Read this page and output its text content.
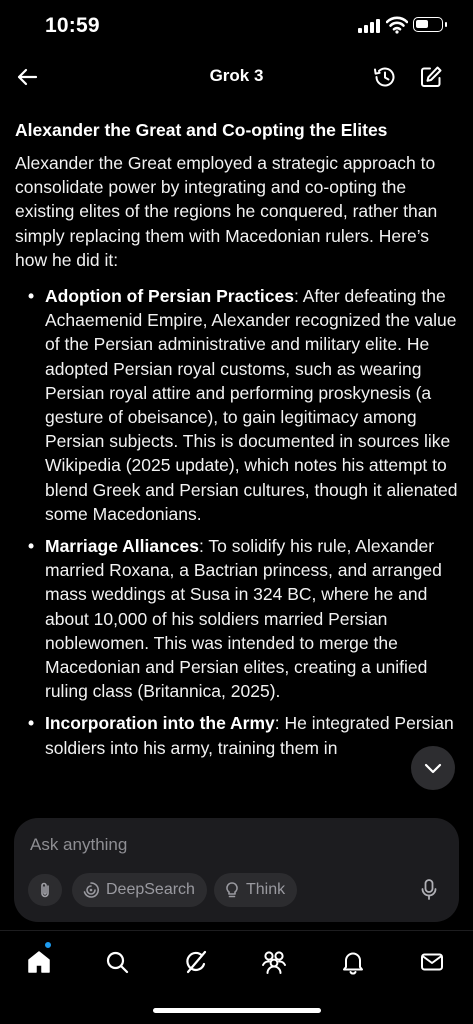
10:59
Grok 3
Alexander the Great and Co-opting the Elites

Alexander the Great employed a strategic approach to consolidate power by integrating and co-opting the existing elites of the regions he conquered, rather than simply replacing them with Macedonian rulers. Here’s how he did it:

• Adoption of Persian Practices: After defeating the Achaemenid Empire, Alexander recognized the value of the Persian administrative and military elite. He adopted Persian royal customs, such as wearing Persian royal attire and performing proskynesis (a gesture of obeisance), to gain legitimacy among Persian subjects. This is documented in sources like Wikipedia (2025 update), which notes his attempt to blend Greek and Persian cultures, though it alienated some Macedonians.
• Marriage Alliances: To solidify his rule, Alexander married Roxana, a Bactrian princess, and arranged mass weddings at Susa in 324 BC, where he and about 10,000 of his soldiers married Persian noblewomen. This was intended to merge the Macedonian and Persian elites, creating a unified ruling class (Britannica, 2025).
• Incorporation into the Army: He integrated Persian soldiers into his army, training them in
Ask anything
DeepSearch	Think
